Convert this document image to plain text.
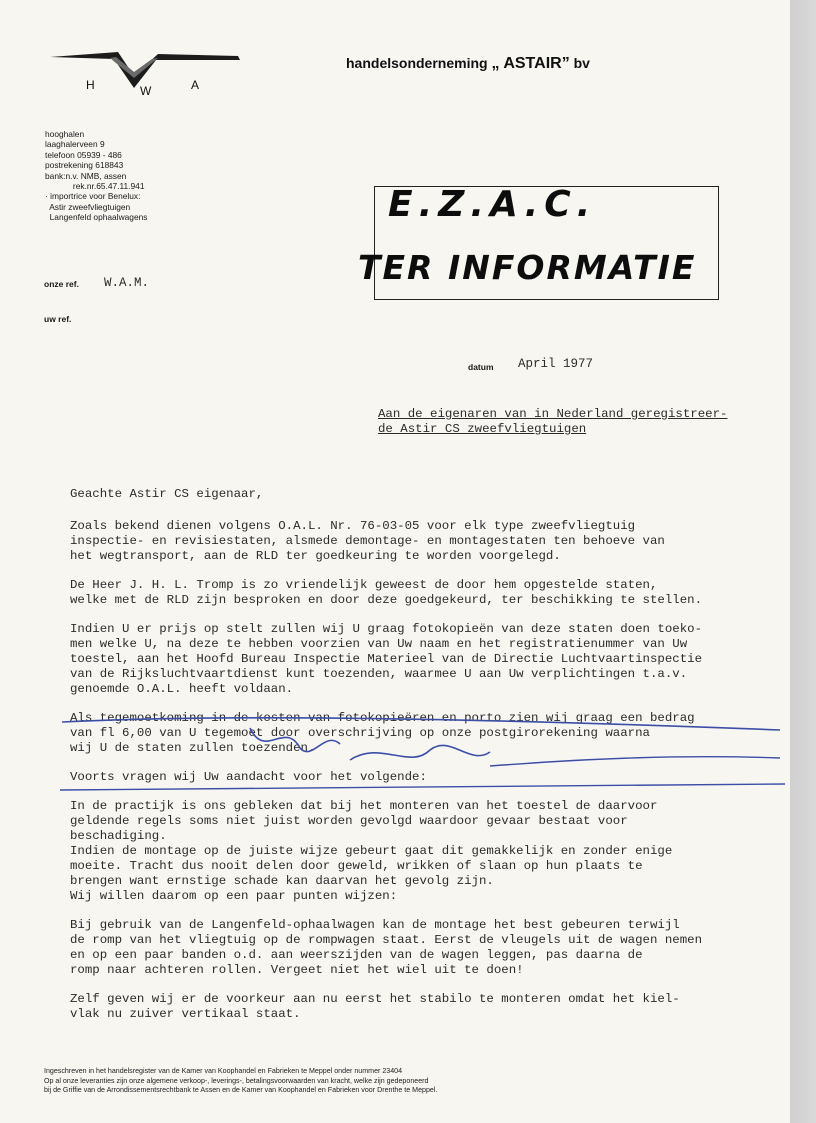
H	W	A
handelsonderneming „ ASTAIR” bv
hooghalen
laaghalerveen 9
telefoon 05939 - 486
postrekening 618843
bank:n.v. NMB, assen
rek.nr.65.47.11.941
· importrice voor Benelux:
Astir zweefvliegtuigen
Langenfeld ophaalwagens
onze ref. W.A.M.
uw ref.
E.Z.A.C.
TER INFORMATIE
datum April 1977
Aan de eigenaren van in Nederland geregistreer-
de Astir CS zweefvliegtuigen

Geachte Astir CS eigenaar,

Zoals bekend dienen volgens O.A.L. Nr. 76-03-05 voor elk type zweefvliegtuig

inspectie- en revisiestaten, alsmede demontage- en montagestaten ten behoeve van

het wegtransport, aan de RLD ter goedkeuring te worden voorgelegd.

De Heer J. H. L. Tromp is zo vriendelijk geweest de door hem opgestelde staten,

welke met de RLD zijn besproken en door deze goedgekeurd, ter beschikking te stellen.

Indien U er prijs op stelt zullen wij U graag fotokopieën van deze staten doen toeko-

men welke U, na deze te hebben voorzien van Uw naam en het registratienummer van Uw

toestel, aan het Hoofd Bureau Inspectie Materieel van de Directie Luchtvaartinspectie

van de Rijksluchtvaartdienst kunt toezenden, waarmee U aan Uw verplichtingen t.a.v.

genoemde O.A.L. heeft voldaan.

Als tegemoetkoming in de kosten van fotokopieëren en porto zien wij graag een bedrag

van fl 6,00 van U tegemoet door overschrijving op onze postgirorekening waarna

wij U de staten zullen toezenden.

Voorts vragen wij Uw aandacht voor het volgende:

In de practijk is ons gebleken dat bij het monteren van het toestel de daarvoor

geldende regels soms niet juist worden gevolgd waardoor gevaar bestaat voor

beschadiging.

Indien de montage op de juiste wijze gebeurt gaat dit gemakkelijk en zonder enige

moeite. Tracht dus nooit delen door geweld, wrikken of slaan op hun plaats te

brengen want ernstige schade kan daarvan het gevolg zijn.

Wij willen daarom op een paar punten wijzen:

Bij gebruik van de Langenfeld-ophaalwagen kan de montage het best gebeuren terwijl

de romp van het vliegtuig op de rompwagen staat. Eerst de vleugels uit de wagen nemen

en op een paar banden o.d. aan weerszijden van de wagen leggen, pas daarna de

romp naar achteren rollen. Vergeet niet het wiel uit te doen!

Zelf geven wij er de voorkeur aan nu eerst het stabilo te monteren omdat het kiel-

vlak nu zuiver vertikaal staat.

Ingeschreven in het handelsregister van de Kamer van Koophandel en Fabrieken te Meppel onder nummer 23404
Op al onze leveranties zijn onze algemene verkoop-, leverings-, betalingsvoorwaarden van kracht, welke zijn gedeponeerd
bij de Griffie van de Arrondissementsrechtbank te Assen en de Kamer van Koophandel en Fabrieken voor Drenthe te Meppel.
